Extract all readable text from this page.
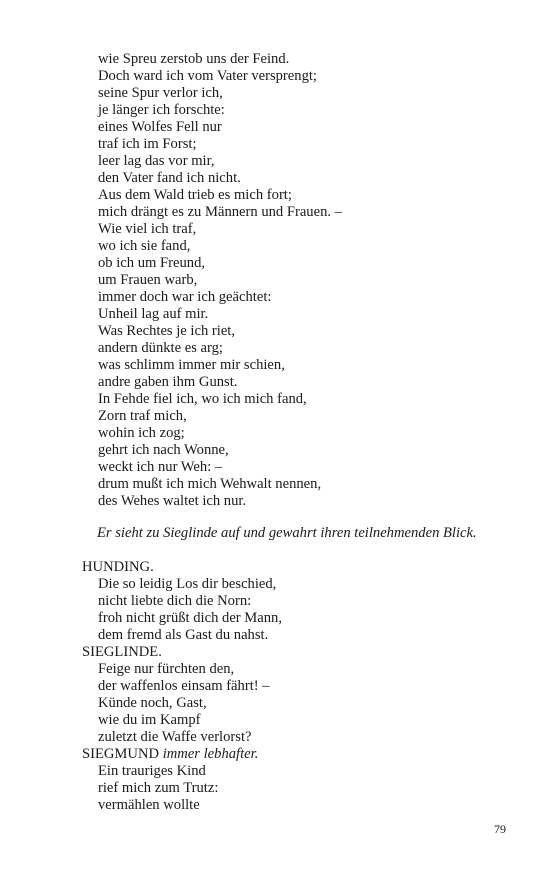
wie Spreu zerstob uns der Feind.
Doch ward ich vom Vater versprengt;
seine Spur verlor ich,
je länger ich forschte:
eines Wolfes Fell nur
traf ich im Forst;
leer lag das vor mir,
den Vater fand ich nicht.
Aus dem Wald trieb es mich fort;
mich drängt es zu Männern und Frauen. –
Wie viel ich traf,
wo ich sie fand,
ob ich um Freund,
um Frauen warb,
immer doch war ich geächtet:
Unheil lag auf mir.
Was Rechtes je ich riet,
andern dünkte es arg;
was schlimm immer mir schien,
andre gaben ihm Gunst.
In Fehde fiel ich, wo ich mich fand,
Zorn traf mich,
wohin ich zog;
gehrt ich nach Wonne,
weckt ich nur Weh: –
drum mußt ich mich Wehwalt nennen,
des Wehes waltet ich nur.
Er sieht zu Sieglinde auf und gewahrt ihren teilnehmenden Blick.
HUNDING.
Die so leidig Los dir beschied,
nicht liebte dich die Norn:
froh nicht grüßt dich der Mann,
dem fremd als Gast du nahst.
SIEGLINDE.
Feige nur fürchten den,
der waffenlos einsam fährt! –
Künde noch, Gast,
wie du im Kampf
zuletzt die Waffe verlorst?
SIEGMUND immer lebhafter.
Ein trauriges Kind
rief mich zum Trutz:
vermählen wollte
79
